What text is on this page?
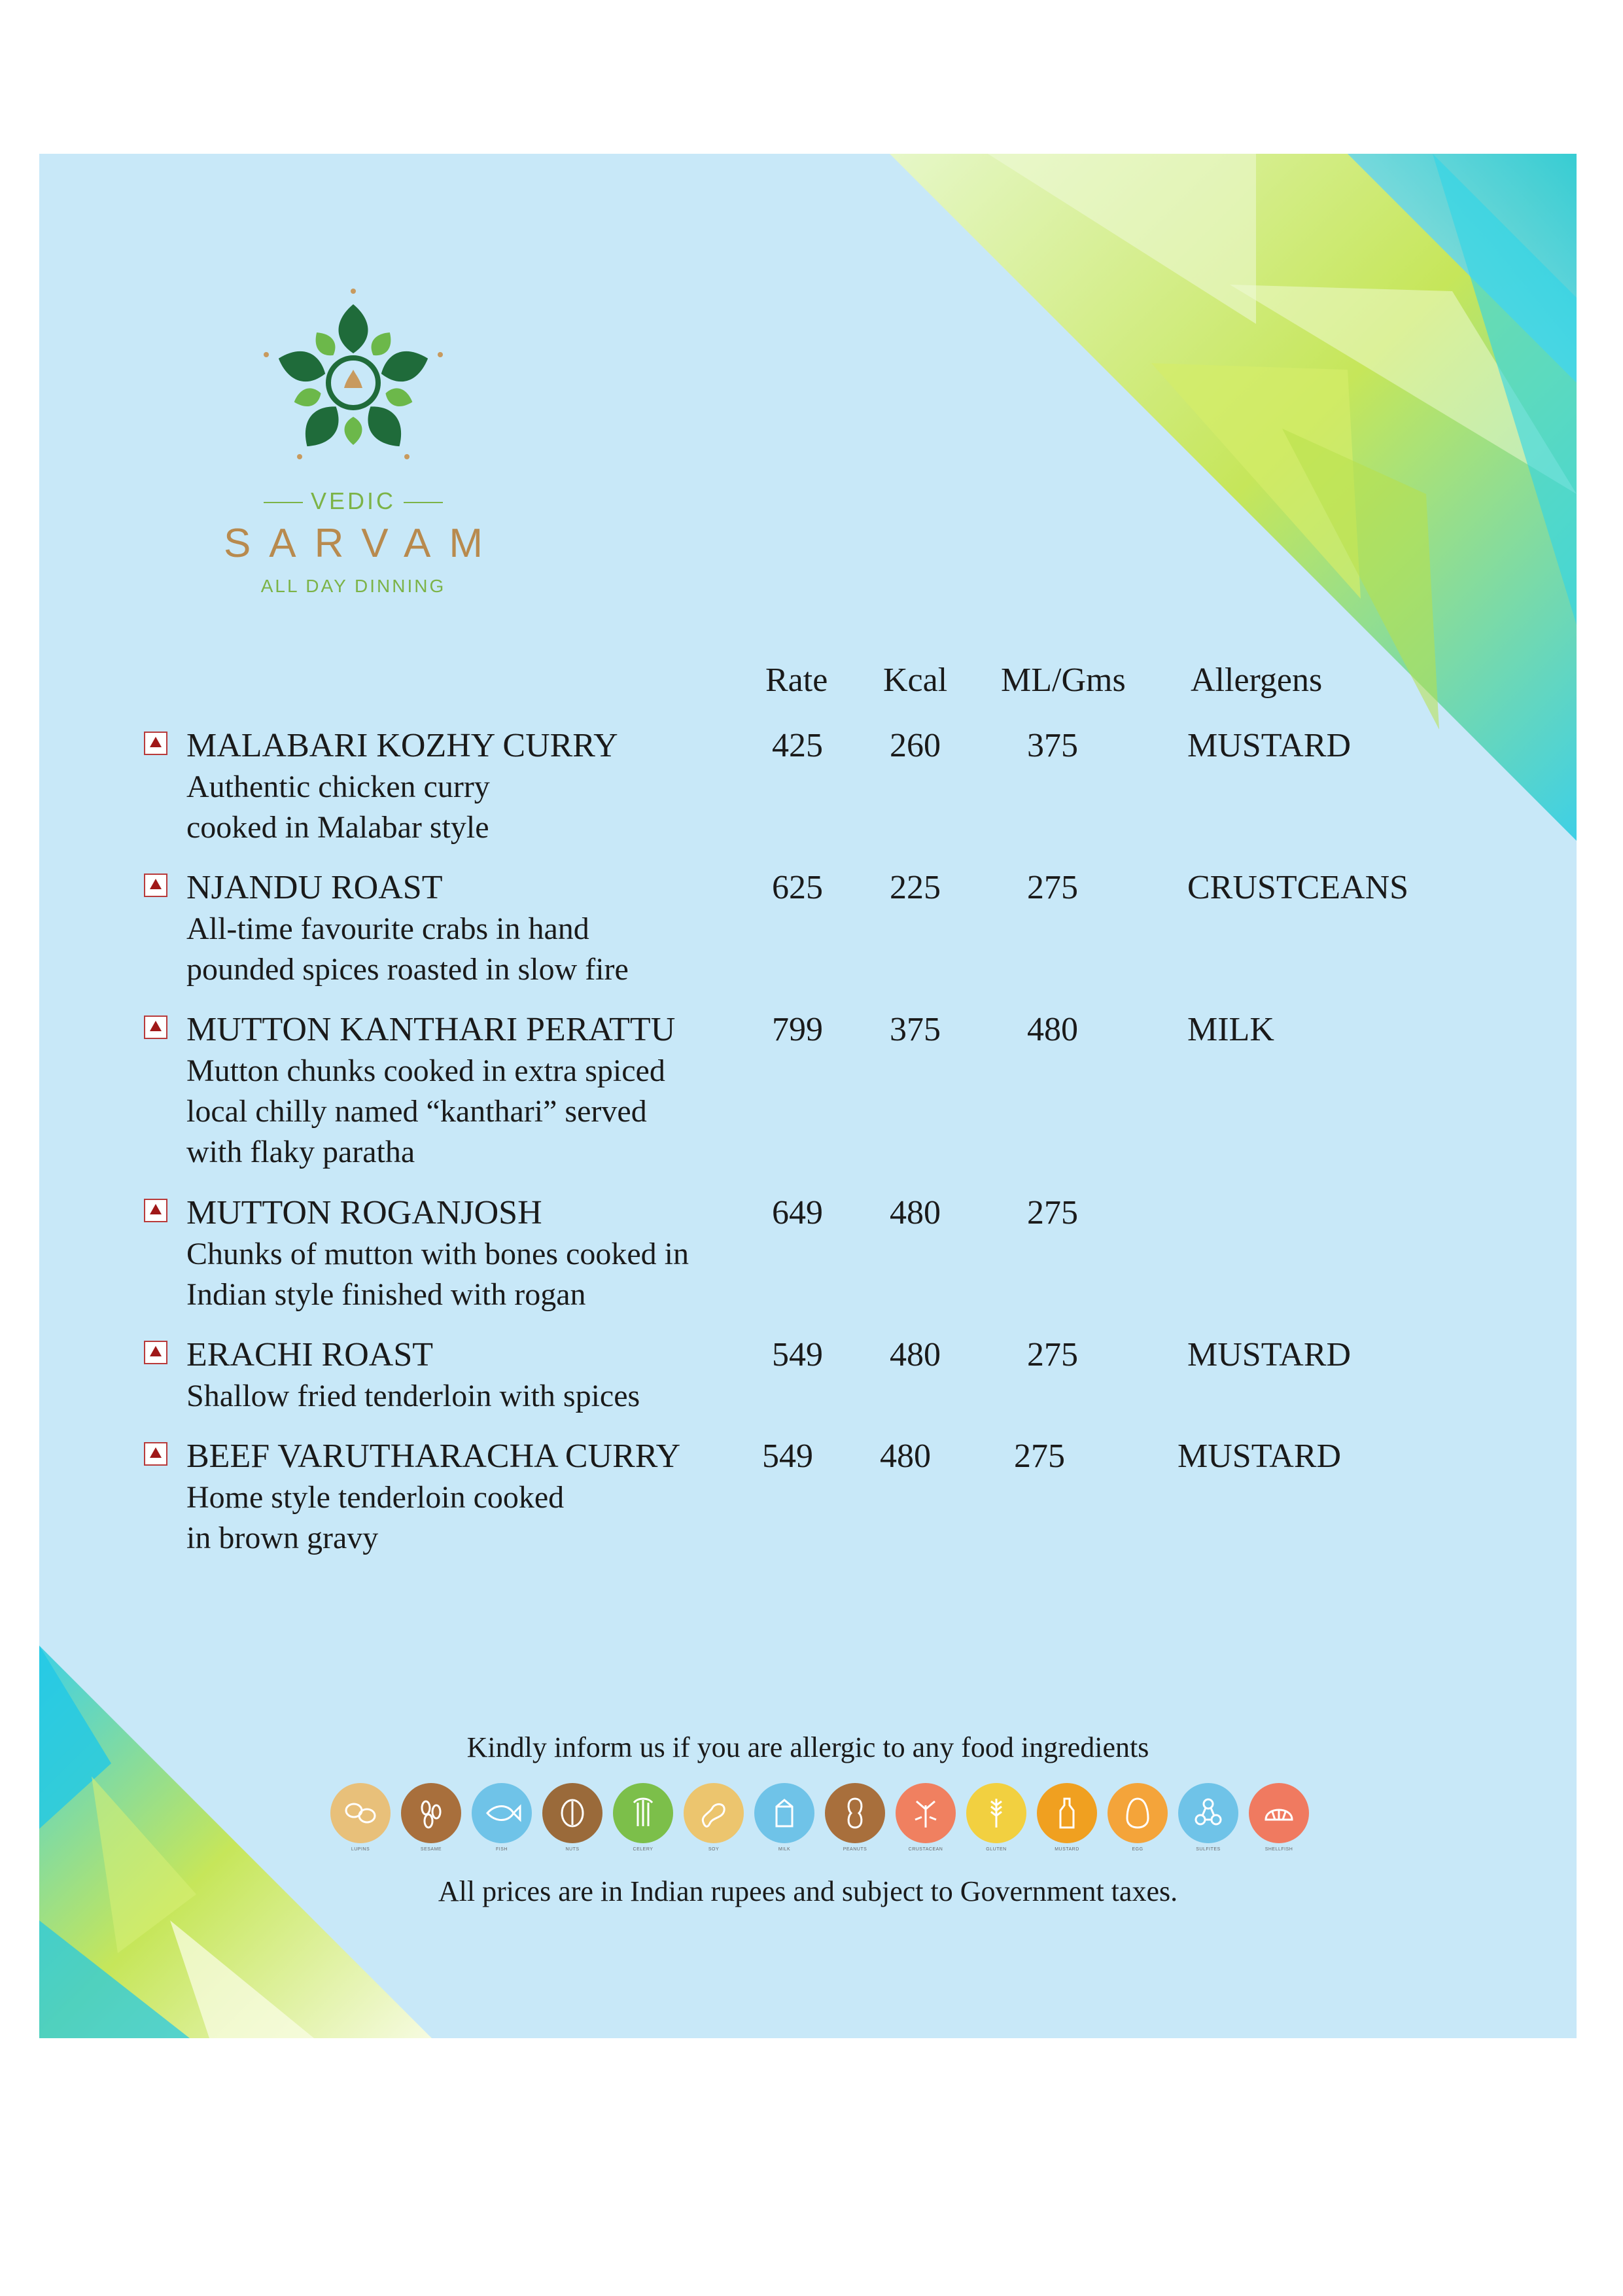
VEDIC
SARVAM
ALL DAY DINNING
Rate Kcal ML/Gms Allergens
MALABARI KOZHY CURRY
Authentic chicken curry
cooked in Malabar style
425 260	375	MUSTARD
NJANDU ROAST
All-time favourite crabs in hand
pounded spices roasted in slow fire
625 225	275	CRUSTCEANS
MUTTON KANTHARI PERATTU
Mutton chunks cooked in extra spiced
local chilly named “kanthari” served
with flaky paratha
799 375	480	MILK
MUTTON ROGANJOSH
Chunks of mutton with bones cooked in
Indian style finished with rogan
649 480	275
ERACHI ROAST
Shallow fried tenderloin with spices
549 480	275	MUSTARD
BEEF VARUTHARACHA CURRY
Home style tenderloin cooked
in brown gravy
549 480 275	MUSTARD
Kindly inform us if you are allergic to any food ingredients
LUPINS	SESAME	FISH	NUTS	CELERY	SOY	MILK	PEANUTS	CRUSTACEAN	GLUTEN	MUSTARD	EGG	SULFITES	SHELLFISH
All prices are in Indian rupees and subject to Government taxes.
